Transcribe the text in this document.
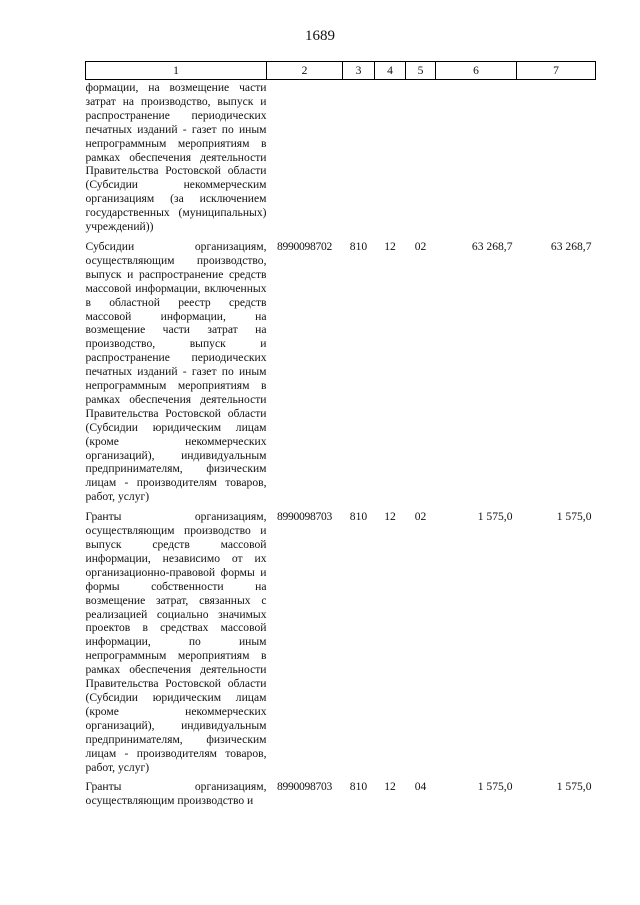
1689
1	2	3	4	5	6	7
формации, на возмещение части затрат на производство, выпуск и распространение периодических печатных изданий - газет по иным непрограммным мероприятиям в рамках обеспечения деятельности Правительства Ростовской области (Субсидии некоммерческим организациям (за исключением государственных (муниципальных) учреждений))						
Субсидии организациям, осуществляющим производство, выпуск и распространение средств массовой информации, включенных в областной реестр средств массовой информации, на возмещение части затрат на производство, выпуск и распространение периодических печатных изданий - газет по иным непрограммным мероприятиям в рамках обеспечения деятельности Правительства Ростовской области (Субсидии юридическим лицам (кроме некоммерческих организаций), индивидуальным предпринимателям, физическим лицам - производителям товаров, работ, услуг)	8990098702	810	12	02	63 268,7	63 268,7
Гранты организациям, осуществляющим производство и выпуск средств массовой информации, независимо от их организационно-правовой формы и формы собственности на возмещение затрат, связанных с реализацией социально значимых проектов в средствах массовой информации, по иным непрограммным мероприятиям в рамках обеспечения деятельности Правительства Ростовской области (Субсидии юридическим лицам (кроме некоммерческих организаций), индивидуальным предпринимателям, физическим лицам - производителям товаров, работ, услуг)	8990098703	810	12	02	1 575,0	1 575,0
Гранты организациям, осуществляющим производство и	8990098703	810	12	04	1 575,0	1 575,0
